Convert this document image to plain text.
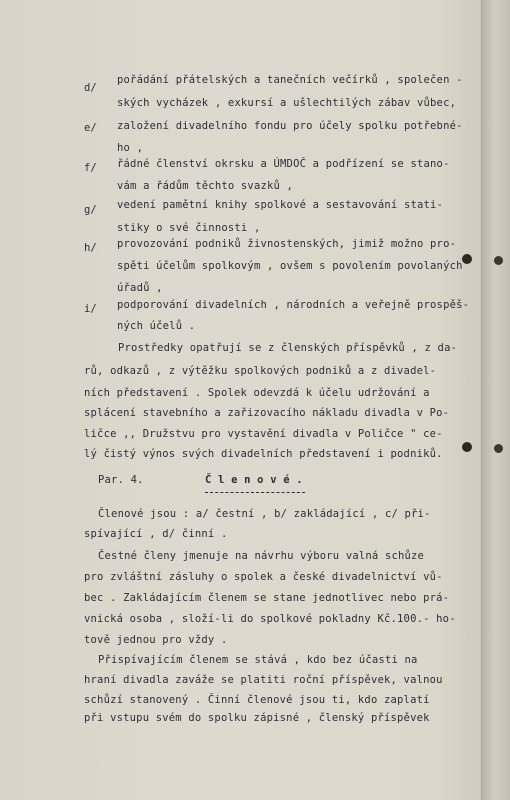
d/
pořádání přátelských a tanečních večírků , společen -
ských vycházek , exkursí a ušlechtilých zábav vůbec,
e/ založení divadelního fondu pro účely spolku potřebné-
ho ,
f/ řádné členství okrsku a ÚMDOČ a podřízení se stano-
vám a řádům těchto svazků ,
g/ vedení pamětní knihy spolkové a sestavování stati-
stiky o své činnosti ,
h/ provozování podniků živnostenských, jimiž možno pro-
spěti účelům spolkovým , ovšem s povolením povolaných
úřadů ,
i/ podporování divadelních , národních a veřejně prospěš-
ných účelů .
Prostředky opatřují se z členských příspěvků , z da-
rů, odkazů , z výtěžku spolkových podniků a z divadel-
ních představení . Spolek odevzdá k účelu udržování a
splácení stavebního a zařizovacího nákladu divadla v Po-
ličce ,, Družstvu pro vystavění divadla v Poličce " ce-
lý čistý výnos svých divadelních představení i podniků.
Par. 4.	Č l e n o v é .
Členové jsou : a/ čestní , b/ zakládající , c/ při-
spívající , d/ činní .
Čestné členy jmenuje na návrhu výboru valná schůze
pro zvláštní zásluhy o spolek a české divadelnictví vů-
bec . Zakládajícím členem se stane jednotlivec nebo prá-
vnická osoba , složí-li do spolkové pokladny Kč.100.- ho-
tově jednou pro vždy .
Přispívajícím členem se stává , kdo bez účasti na
hraní divadla zaváže se platiti roční příspěvek, valnou
schůzí stanovený . Činní členové jsou ti, kdo zaplatí
při vstupu svém do spolku zápisné , členský příspěvek
